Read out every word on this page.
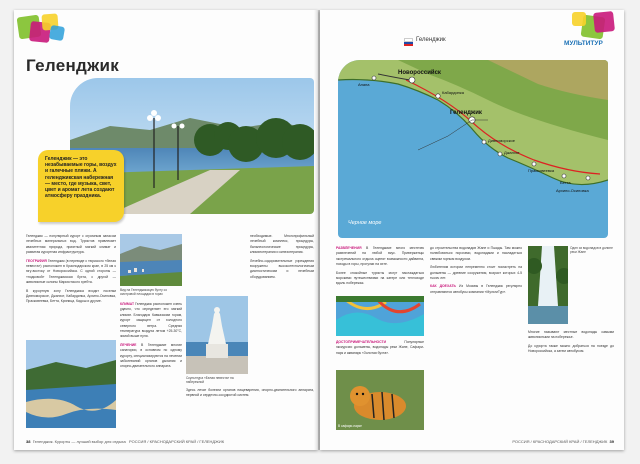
Геленджик
Геленджик — это незабываемые горы, воздух и галечные пляжи. А геленджикская набережная — место, где музыка, свет, цвет и аромат лета создают атмосферу праздника.

Геленджик — популярный курорт с огромным запасом лечебных минеральных вод. Туристов привлекает квалитетная природа, приятный мягкий климат и развитая курортная инфраструктура.

ГЕОГРАФИЯ Геленджик (в переводе с тюркского «белая невеста») расположен в Краснодарском крае, в 25 км к югу-востоку от Новороссийска. С одной стороны — «подковой» Геленджикская бухта, с другой — живописные склоны Маркхотского хребта.

В курортную зону Геленджика входят поселки Дивноморское, Джанхот, Кабардинка, Архипо-Осиповка, Прасковеевка, Бетта, Криница, Кадош и другие.

Вид на Геленджикскую бухту со смотровой площадки в горах

КЛИМАТ Геленджик расположен очень удачно, что определяет его мягкий климат. Благодаря Кавказским горам, курорт защищен от холодного северного ветра. Средняя температура воздуха летом +25-30°C, зимой выше нуля.

ЛЕЧЕНИЕ В Геленджике многие санатории, в основном по одному курорту, специализируются на лечении заболеваний органов дыхания и опорно-двигательного аппарата.

необходимые. Многопрофильный лечебный комплекс, процедуры, бальнеологические процедуры, климатотерапия и кинезотерапия.

Лечебно-оздоровительные учреждения вооружены высокотехнологичным диагностическим и лечебным оборудованием.

Скульптура «Белая невеста» на набережной

Здесь лечат болезни органов пищеварения, опорно-двигательного аппарата, нервной и сердечно-сосудистой систем.

38 Геленджик. Курорты — лучший выбор для отдыха РОССИЯ / КРАСНОДАРСКИЙ КРАЙ / ГЕЛЕНДЖИК
МУЛЬТИТУР
Геленджик
Новороссийск
Кабардинка
Геленджик
Дивноморское
Джанхот
Прасковеевка
Бетта
Архипо-Осиповка
Анапа
Черное море

РАЗВЛЕЧЕНИЯ В Геленджике много местечек развлечений на любой вкус. Приверженцы экстремального отдыха оценят возможности дайвинга, походы в горы, прогулки на яхте.

Более спокойные туристы могут наслаждаться морскими путешествиями на катере или теплоходе вдоль побережья.

ДОСТОПРИМЕЧАТЕЛЬНОСТИ	Популярные экскурсии: дольмены, водопады реки Жане, Сафари-парк и аквапарк «Золотая бухта».

В сафари-парке

до строительства водопадов Жане и Пшады. Там можно полюбоваться порогами, водопадами и насладиться свежим горным воздухом.

Любителям истории непременно стоит посмотреть на дольмены — древние сооружения, возраст которых 4-5 тысяч лет.

КАК ДОЕХАТЬ Из Москвы в Геленджик регулярно отправляются автобусы компании «МультиТур».

Один из водопадов в долине реки Жане

Многие называют местные водопады самыми живописными на побережье.

До курорта также можно добраться на поезде до Новороссийска, а затем автобусом.

РОССИЯ / КРАСНОДАРСКИЙ КРАЙ / ГЕЛЕНДЖИК 39
